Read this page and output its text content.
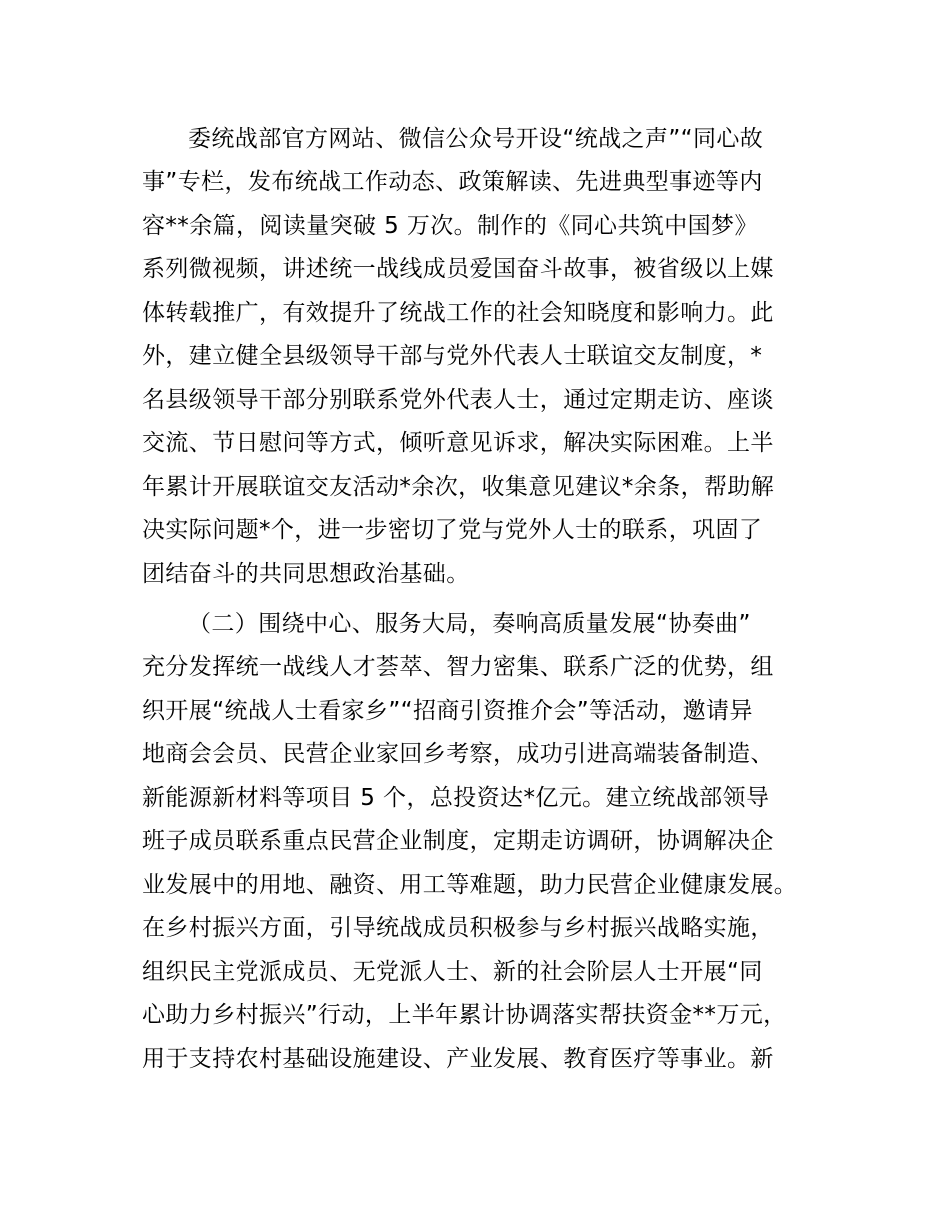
委统战部官方网站、微信公众号开设“统战之声”“同心故
事”专栏，发布统战工作动态、政策解读、先进典型事迹等内
容**余篇，阅读量突破 5 万次。制作的《同心共筑中国梦》
系列微视频，讲述统一战线成员爱国奋斗故事，被省级以上媒
体转载推广，有效提升了统战工作的社会知晓度和影响力。此
外，建立健全县级领导干部与党外代表人士联谊交友制度，*
名县级领导干部分别联系党外代表人士，通过定期走访、座谈
交流、节日慰问等方式，倾听意见诉求，解决实际困难。上半
年累计开展联谊交友活动*余次，收集意见建议*余条，帮助解
决实际问题*个，进一步密切了党与党外人士的联系，巩固了
团结奋斗的共同思想政治基础。
（二）围绕中心、服务大局，奏响高质量发展“协奏曲”
充分发挥统一战线人才荟萃、智力密集、联系广泛的优势，组
织开展“统战人士看家乡”“招商引资推介会”等活动，邀请异
地商会会员、民营企业家回乡考察，成功引进高端装备制造、
新能源新材料等项目 5 个，总投资达*亿元。建立统战部领导
班子成员联系重点民营企业制度，定期走访调研，协调解决企
业发展中的用地、融资、用工等难题，助力民营企业健康发展。
在乡村振兴方面，引导统战成员积极参与乡村振兴战略实施，
组织民主党派成员、无党派人士、新的社会阶层人士开展“同
心助力乡村振兴”行动，上半年累计协调落实帮扶资金**万元，
用于支持农村基础设施建设、产业发展、教育医疗等事业。新
